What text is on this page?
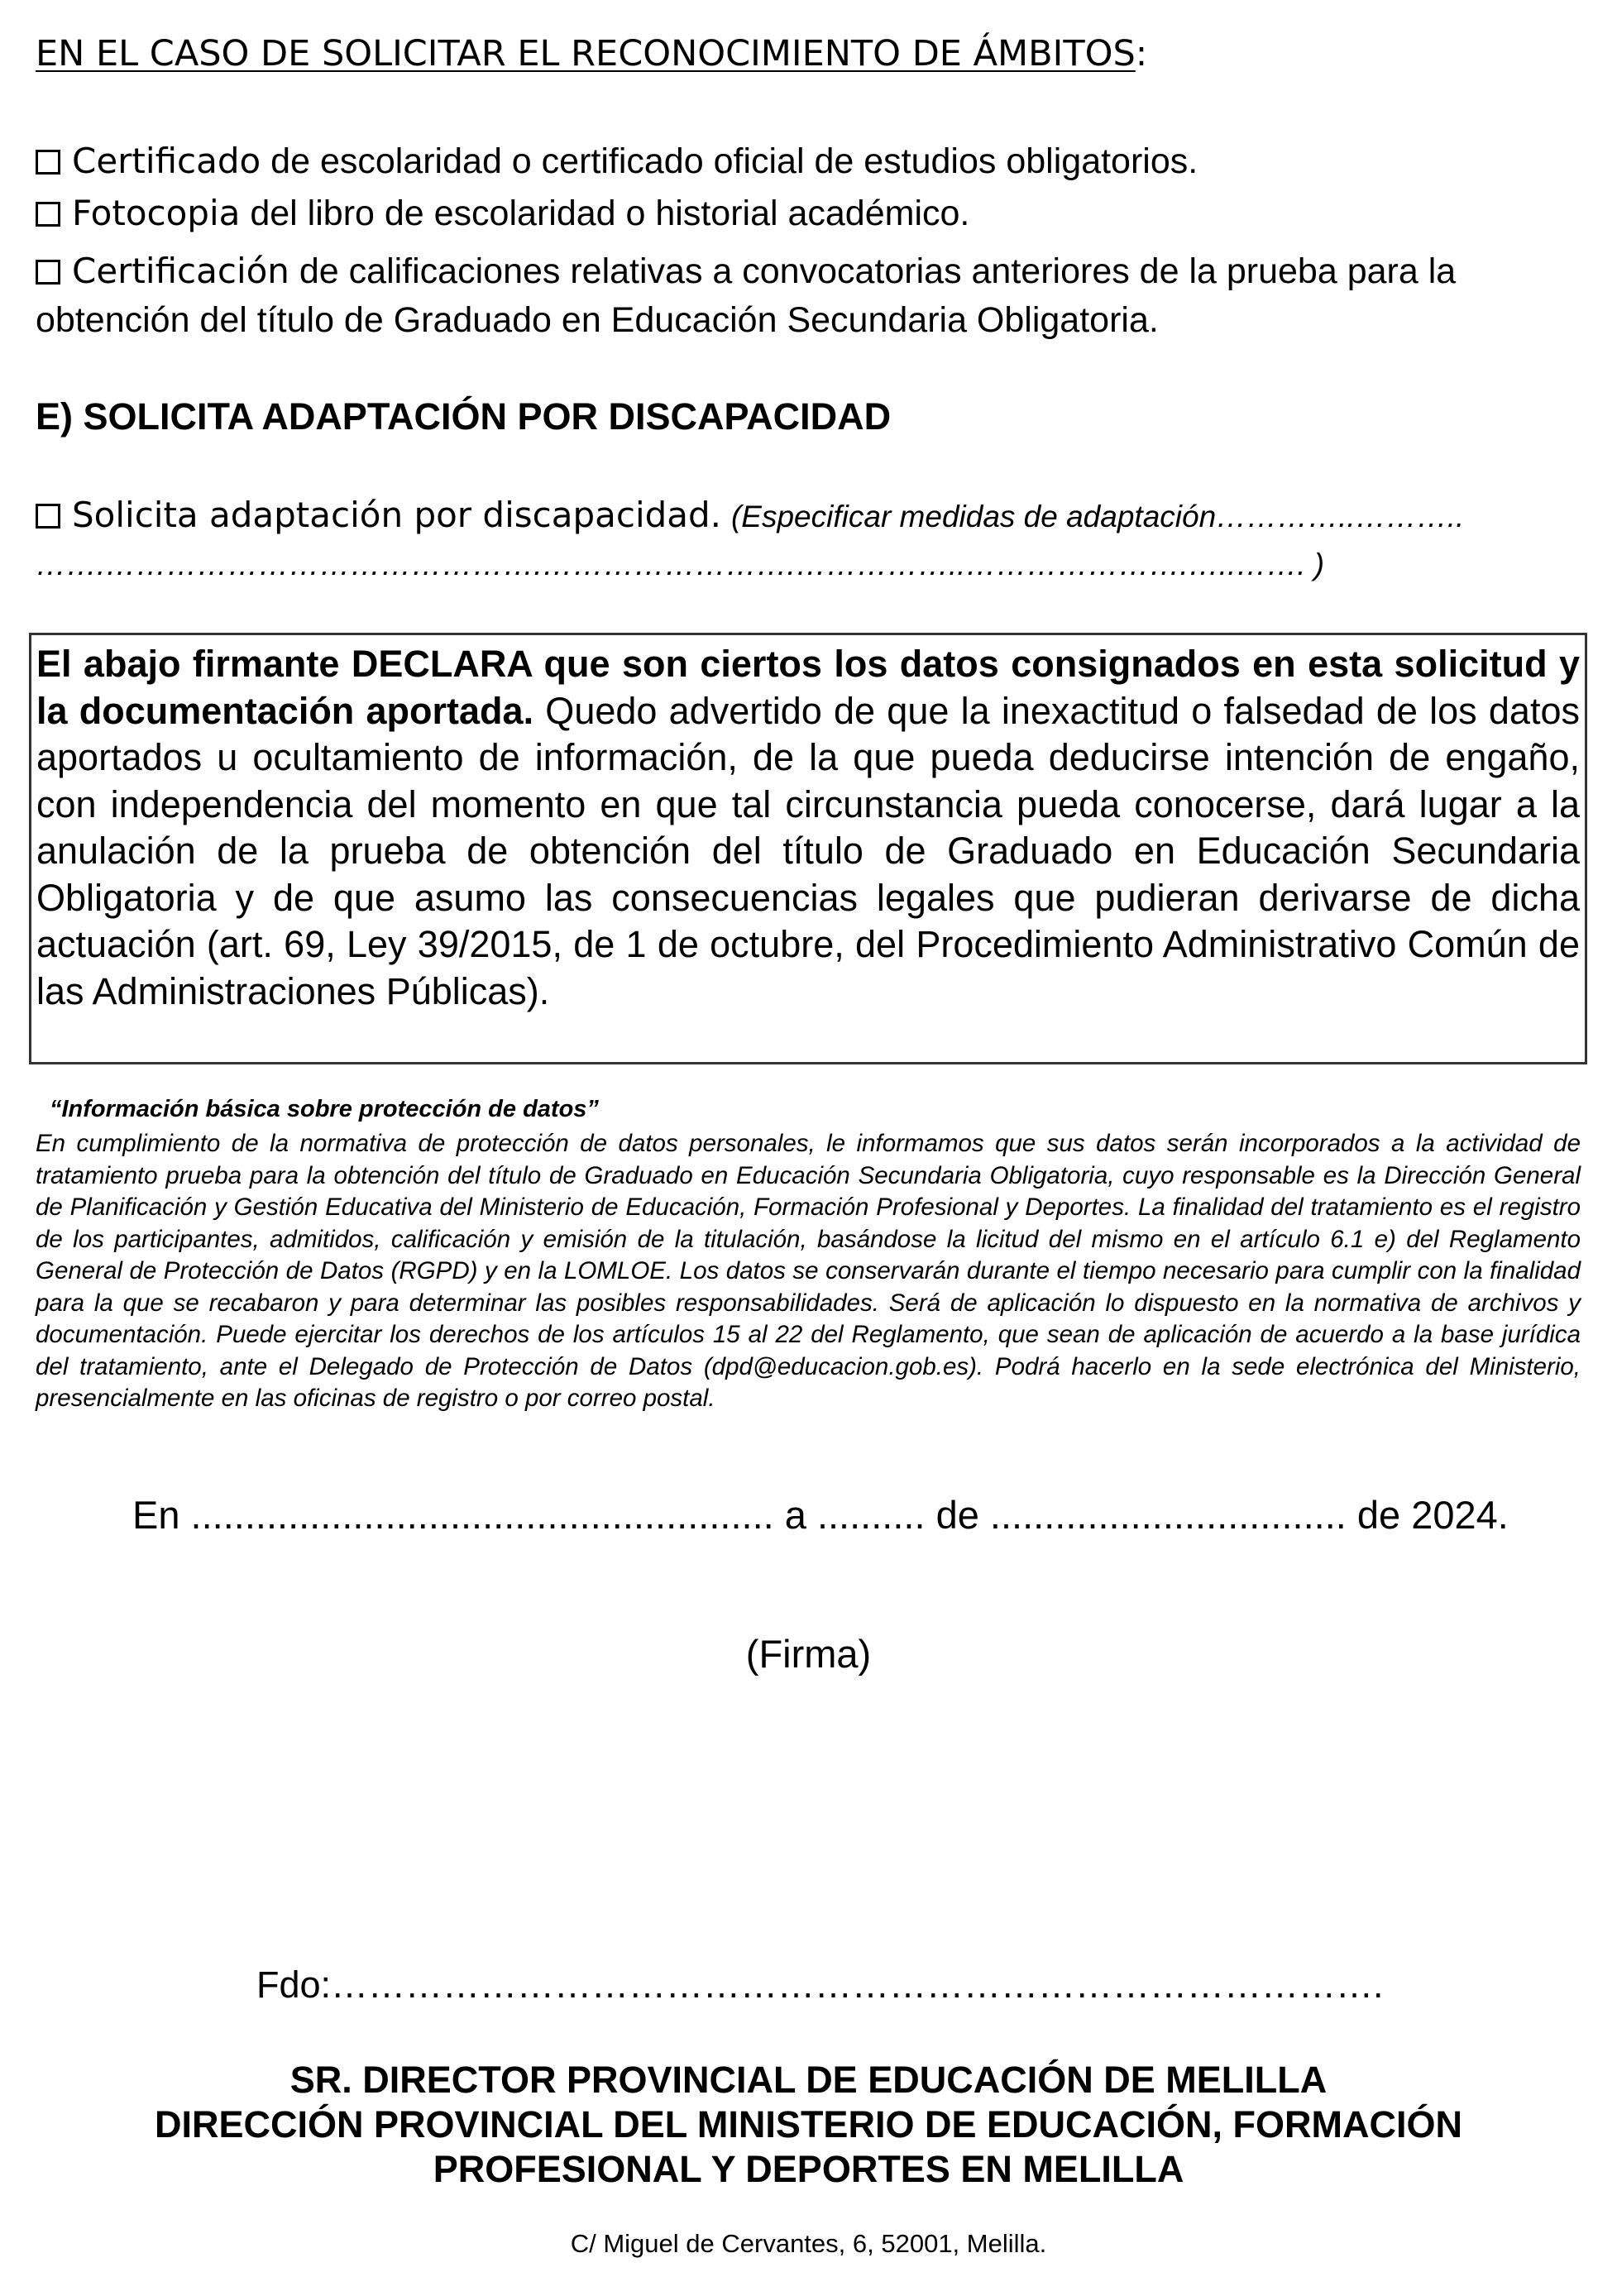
EN EL CASO DE SOLICITAR EL RECONOCIMIENTO DE ÁMBITOS:
Certificado de escolaridad o certificado oficial de estudios obligatorios.
Fotocopia del libro de escolaridad o historial académico.
Certificación de calificaciones relativas a convocatorias anteriores de la prueba para la obtención del título de Graduado en Educación Secundaria Obligatoria.
E) SOLICITA ADAPTACIÓN POR DISCAPACIDAD
Solicita adaptación por discapacidad. (Especificar medidas de adaptación…………..………..
…….…………………………………….…………………….……………..………………….…..……. )
El abajo firmante DECLARA que son ciertos los datos consignados en esta solicitud y la documentación aportada. Quedo advertido de que la inexactitud o falsedad de los datos aportados u ocultamiento de información, de la que pueda deducirse intención de engaño, con independencia del momento en que tal circunstancia pueda conocerse, dará lugar a la anulación de la prueba de obtención del título de Graduado en Educación Secundaria Obligatoria y de que asumo las consecuencias legales que pudieran derivarse de dicha actuación (art. 69, Ley 39/2015, de 1 de octubre, del Procedimiento Administrativo Común de las Administraciones Públicas).
“Información básica sobre protección de datos”
En cumplimiento de la normativa de protección de datos personales, le informamos que sus datos serán incorporados a la actividad de tratamiento prueba para la obtención del título de Graduado en Educación Secundaria Obligatoria, cuyo responsable es la Dirección General de Planificación y Gestión Educativa del Ministerio de Educación, Formación Profesional y Deportes. La finalidad del tratamiento es el registro de los participantes, admitidos, calificación y emisión de la titulación, basándose la licitud del mismo en el artículo 6.1 e) del Reglamento General de Protección de Datos (RGPD) y en la LOMLOE. Los datos se conservarán durante el tiempo necesario para cumplir con la finalidad para la que se recabaron y para determinar las posibles responsabilidades. Será de aplicación lo dispuesto en la normativa de archivos y documentación. Puede ejercitar los derechos de los artículos 15 al 22 del Reglamento, que sean de aplicación de acuerdo a la base jurídica del tratamiento, ante el Delegado de Protección de Datos (dpd@educacion.gob.es). Podrá hacerlo en la sede electrónica del Ministerio, presencialmente en las oficinas de registro o por correo postal.
En ...................................................... a .......... de ................................. de 2024.
(Firma)
Fdo:………………………………………………………………………….
SR. DIRECTOR PROVINCIAL DE EDUCACIÓN DE MELILLA
DIRECCIÓN PROVINCIAL DEL MINISTERIO DE EDUCACIÓN, FORMACIÓN
PROFESIONAL Y DEPORTES EN MELILLA
C/ Miguel de Cervantes, 6, 52001, Melilla.
